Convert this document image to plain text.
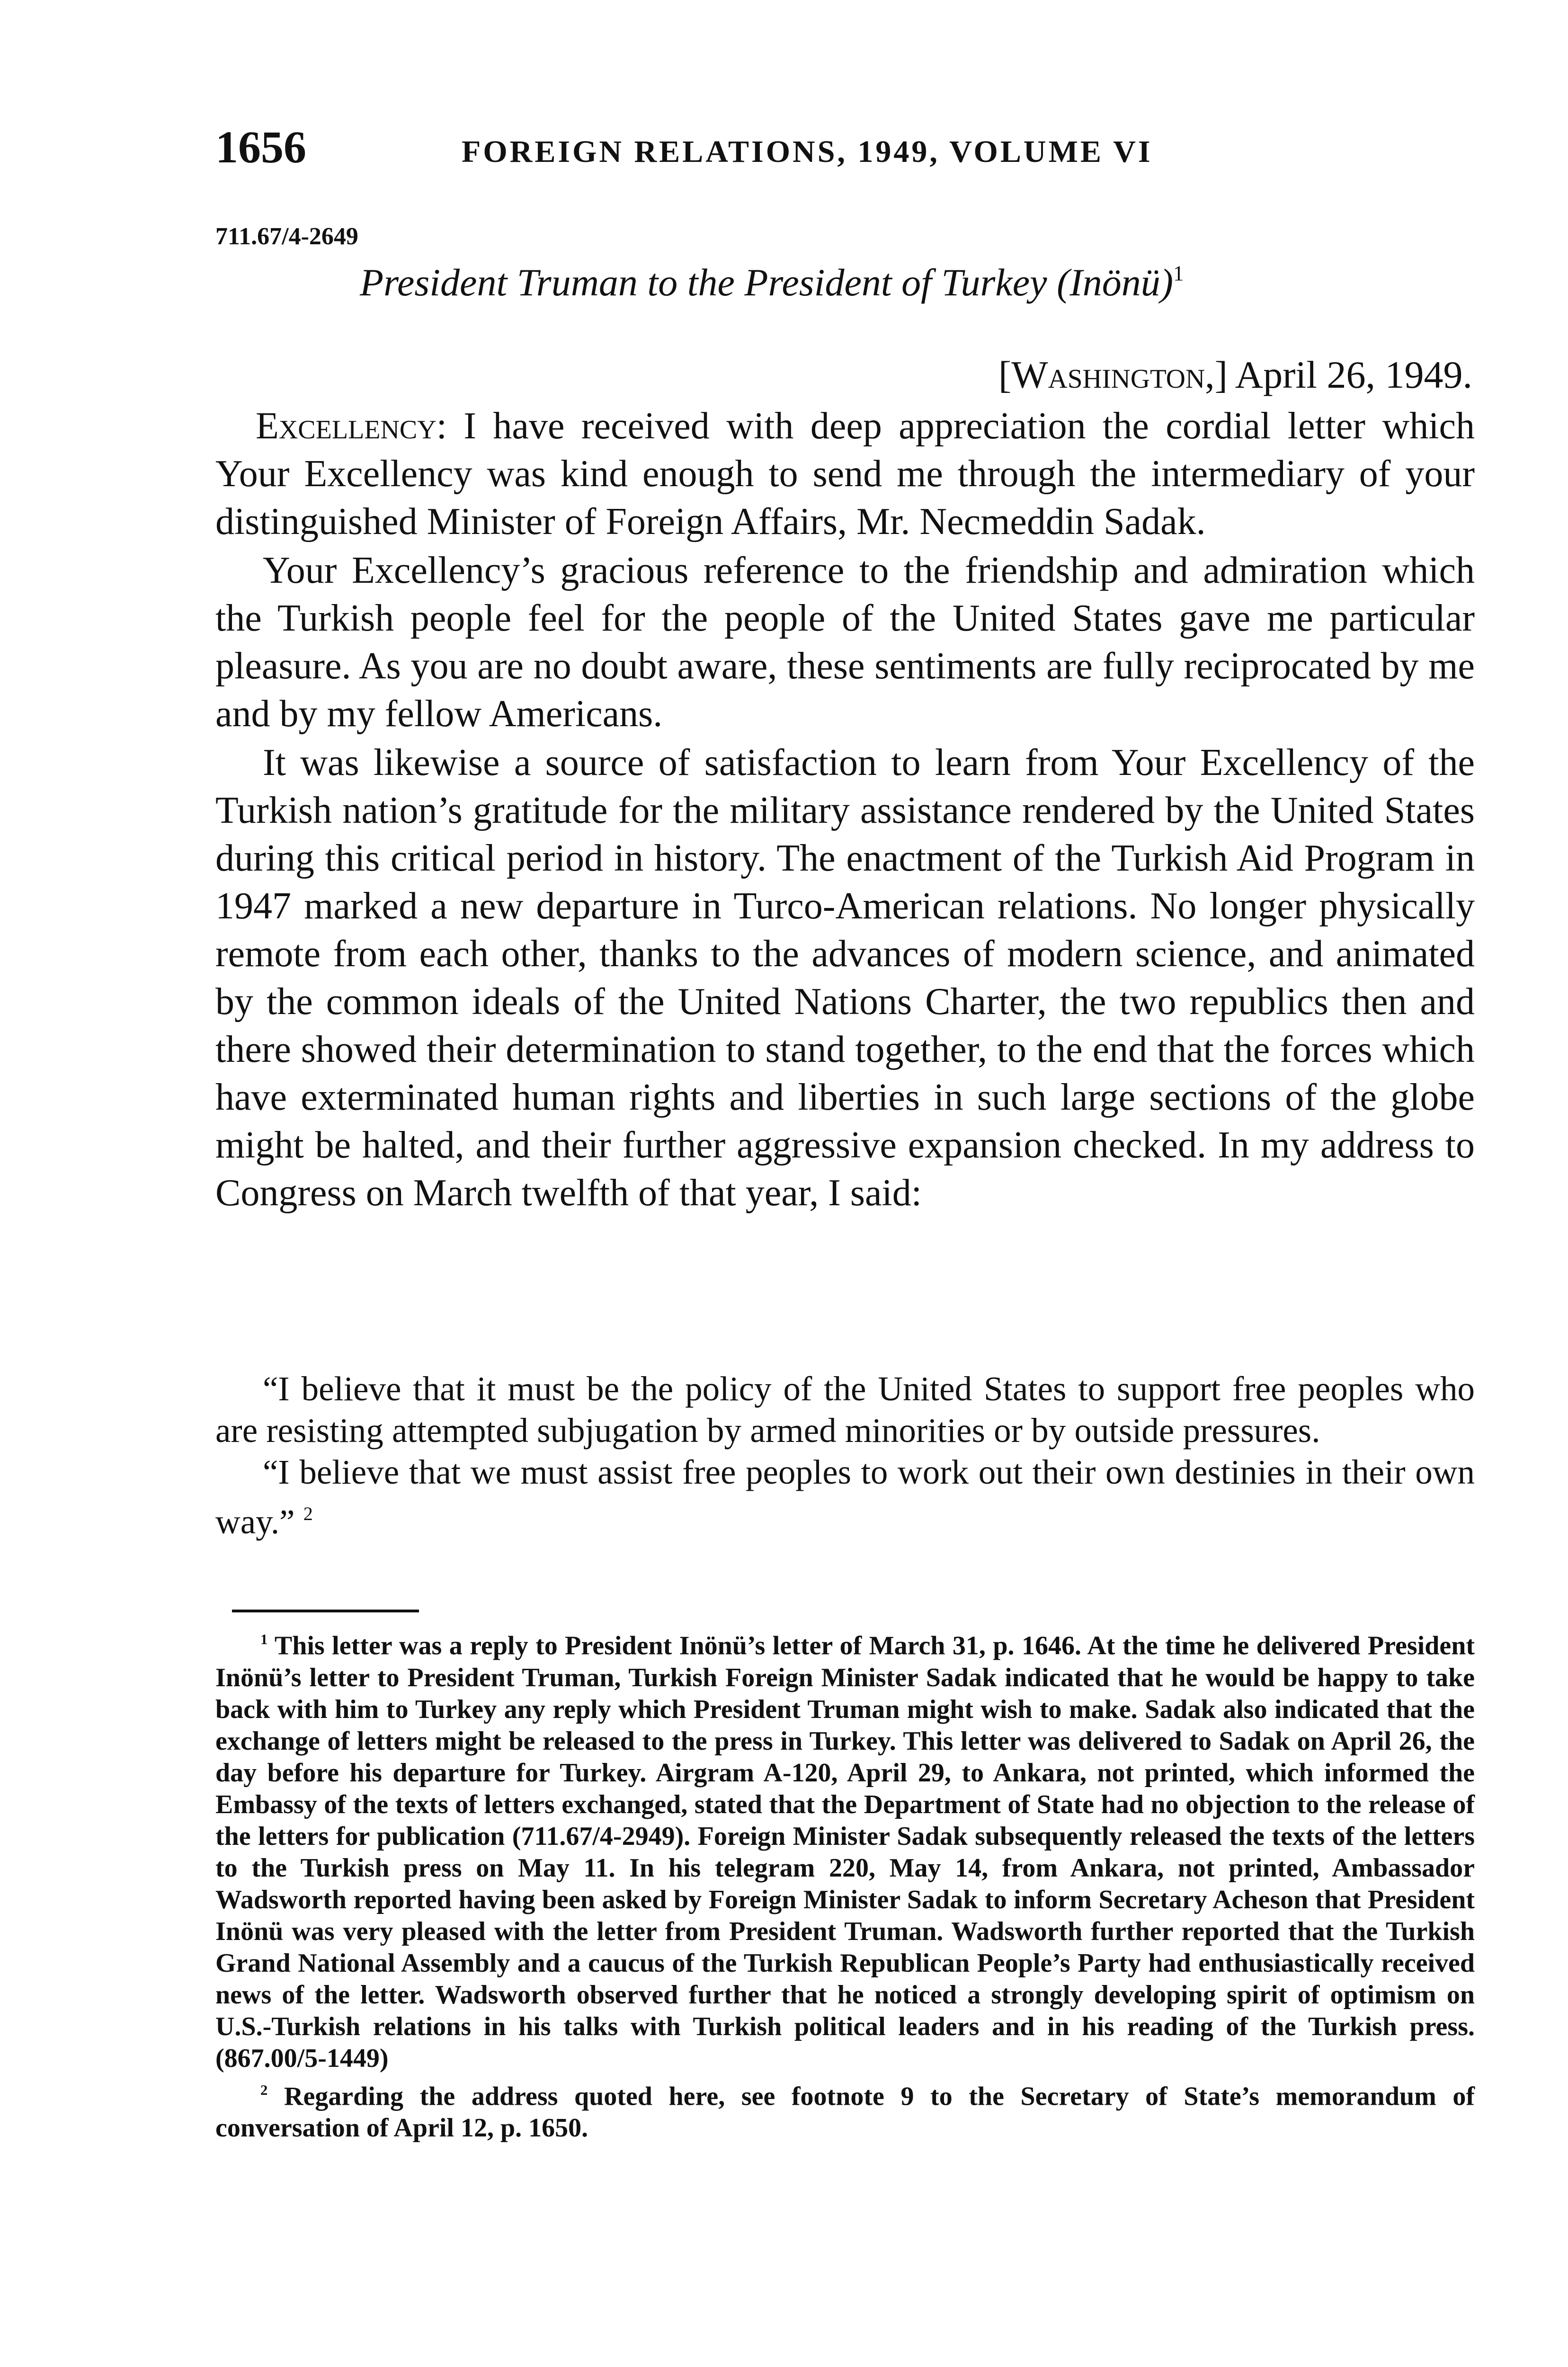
1656	FOREIGN RELATIONS, 1949, VOLUME VI
711.67/4-2649
President Truman to the President of Turkey (Inönü)$^1$
[Washington,] April 26, 1949.

Excellency: I have received with deep appreciation the cordial letter which Your Excellency was kind enough to send me through the intermediary of your distinguished Minister of Foreign Affairs, Mr. Necmeddin Sadak.

Your Excellency’s gracious reference to the friendship and admiration which the Turkish people feel for the people of the United States gave me particular pleasure. As you are no doubt aware, these sentiments are fully reciprocated by me and by my fellow Americans.

It was likewise a source of satisfaction to learn from Your Excellency of the Turkish nation’s gratitude for the military assistance rendered by the United States during this critical period in history. The enactment of the Turkish Aid Program in 1947 marked a new departure in Turco-American relations. No longer physically remote from each other, thanks to the advances of modern science, and animated by the common ideals of the United Nations Charter, the two republics then and there showed their determination to stand together, to the end that the forces which have exterminated human rights and liberties in such large sections of the globe might be halted, and their further aggressive expansion checked. In my address to Congress on March twelfth of that year, I said:

“I believe that it must be the policy of the United States to support free peoples who are resisting attempted subjugation by armed minorities or by outside pressures.

“I believe that we must assist free peoples to work out their own destinies in their own way.” $^2$

$^1$ This letter was a reply to President Inönü’s letter of March 31, p. 1646. At the time he delivered President Inönü’s letter to President Truman, Turkish Foreign Minister Sadak indicated that he would be happy to take back with him to Turkey any reply which President Truman might wish to make. Sadak also indicated that the exchange of letters might be released to the press in Turkey. This letter was delivered to Sadak on April 26, the day before his departure for Turkey. Airgram A-120, April 29, to Ankara, not printed, which informed the Embassy of the texts of letters exchanged, stated that the Department of State had no objection to the release of the letters for publication (711.67/4-2949). Foreign Minister Sadak subsequently released the texts of the letters to the Turkish press on May 11. In his telegram 220, May 14, from Ankara, not printed, Ambassador Wadsworth reported having been asked by Foreign Minister Sadak to inform Secretary Acheson that President Inönü was very pleased with the letter from President Truman. Wadsworth further reported that the Turkish Grand National Assembly and a caucus of the Turkish Republican People’s Party had enthusiastically received news of the letter. Wadsworth observed further that he noticed a strongly developing spirit of optimism on U.S.-Turkish relations in his talks with Turkish political leaders and in his reading of the Turkish press. (867.00/5-1449)

$^2$ Regarding the address quoted here, see footnote 9 to the Secretary of State’s memorandum of conversation of April 12, p. 1650.
